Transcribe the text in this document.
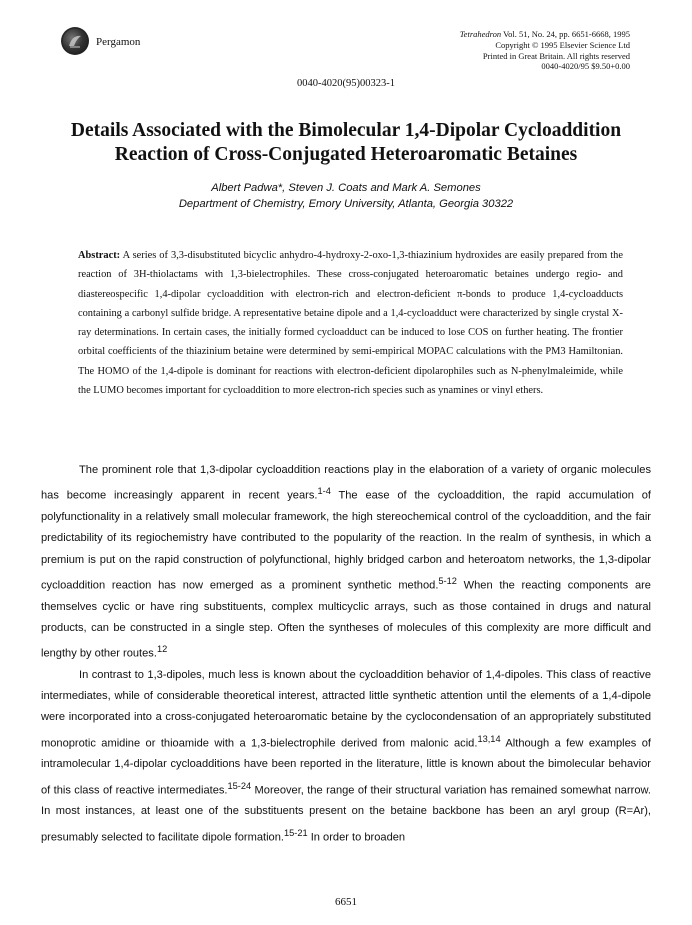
Pergamon
Tetrahedron Vol. 51, No. 24, pp. 6651-6668, 1995
Copyright © 1995 Elsevier Science Ltd
Printed in Great Britain. All rights reserved
0040-4020/95 $9.50+0.00
0040-4020(95)00323-1
Details Associated with the Bimolecular 1,4-Dipolar Cycloaddition Reaction of Cross-Conjugated Heteroaromatic Betaines
Albert Padwa*, Steven J. Coats and Mark A. Semones
Department of Chemistry, Emory University, Atlanta, Georgia 30322
Abstract: A series of 3,3-disubstituted bicyclic anhydro-4-hydroxy-2-oxo-1,3-thiazinium hydroxides are easily prepared from the reaction of 3H-thiolactams with 1,3-bielectrophiles. These cross-conjugated heteroaromatic betaines undergo regio- and diastereospecific 1,4-dipolar cycloaddition with electron-rich and electron-deficient π-bonds to produce 1,4-cycloadducts containing a carbonyl sulfide bridge. A representative betaine dipole and a 1,4-cycloadduct were characterized by single crystal X-ray determinations. In certain cases, the initially formed cycloadduct can be induced to lose COS on further heating. The frontier orbital coefficients of the thiazinium betaine were determined by semi-empirical MOPAC calculations with the PM3 Hamiltonian. The HOMO of the 1,4-dipole is dominant for reactions with electron-deficient dipolarophiles such as N-phenylmaleimide, while the LUMO becomes important for cycloaddition to more electron-rich species such as ynamines or vinyl ethers.

The prominent role that 1,3-dipolar cycloaddition reactions play in the elaboration of a variety of organic molecules has become increasingly apparent in recent years.$^{1-4}$ The ease of the cycloaddition, the rapid accumulation of polyfunctionality in a relatively small molecular framework, the high stereochemical control of the cycloaddition, and the fair predictability of its regiochemistry have contributed to the popularity of the reaction. In the realm of synthesis, in which a premium is put on the rapid construction of polyfunctional, highly bridged carbon and heteroatom networks, the 1,3-dipolar cycloaddition reaction has now emerged as a prominent synthetic method.$^{5-12}$ When the reacting components are themselves cyclic or have ring substituents, complex multicyclic arrays, such as those contained in drugs and natural products, can be constructed in a single step. Often the syntheses of molecules of this complexity are more difficult and lengthy by other routes.$^{12}$

In contrast to 1,3-dipoles, much less is known about the cycloaddition behavior of 1,4-dipoles. This class of reactive intermediates, while of considerable theoretical interest, attracted little synthetic attention until the elements of a 1,4-dipole were incorporated into a cross-conjugated heteroaromatic betaine by the cyclocondensation of an appropriately substituted monoprotic amidine or thioamide with a 1,3-bielectrophile derived from malonic acid.$^{13,14}$ Although a few examples of intramolecular 1,4-dipolar cycloadditions have been reported in the literature, little is known about the bimolecular behavior of this class of reactive intermediates.$^{15-24}$ Moreover, the range of their structural variation has remained somewhat narrow. In most instances, at least one of the substituents present on the betaine backbone has been an aryl group (R=Ar), presumably selected to facilitate dipole formation.$^{15-21}$ In order to broaden

6651
